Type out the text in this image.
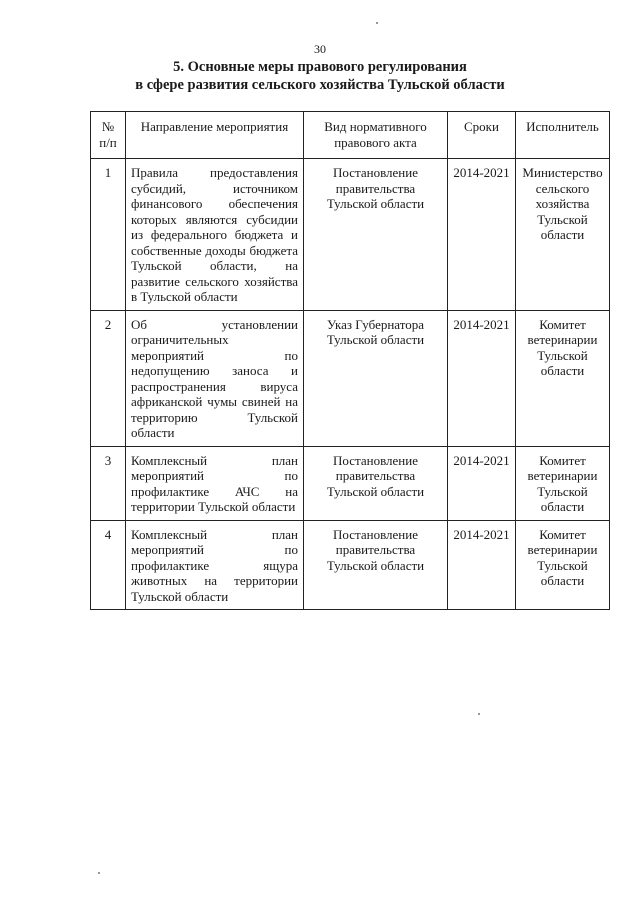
30
5. Основные меры правового регулирования
в сфере развития сельского хозяйства Тульской области
№ п/п	Направление мероприятия	Вид нормативного правового акта	Сроки	Исполнитель
1	Правила предоставления субсидий, источником финансового обеспечения которых являются субсидии из федерального бюджета и собственные доходы бюджета Тульской области, на развитие сельского хозяйства в Тульской области	Постановление правительства Тульской области	2014-2021	Министерство сельского хозяйства Тульской области
2	Об установлении ограничительных мероприятий по недопущению заноса и распространения вируса африканской чумы свиней на территорию Тульской области	Указ Губернатора Тульской области	2014-2021	Комитет ветеринарии Тульской области
3	Комплексный план мероприятий по профилактике АЧС на территории Тульской области	Постановление правительства Тульской области	2014-2021	Комитет ветеринарии Тульской области
4	Комплексный план мероприятий по профилактике ящура животных на территории Тульской области	Постановление правительства Тульской области	2014-2021	Комитет ветеринарии Тульской области
